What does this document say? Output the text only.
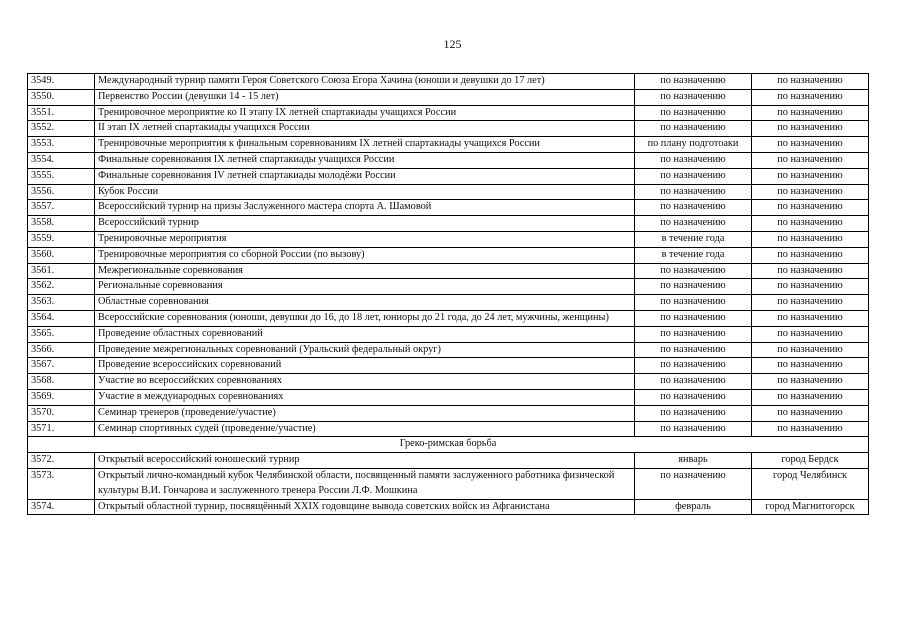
125
3549.	Международный турнир памяти Героя Советского Союза Егора Хачина (юноши и девушки до 17 лет)	по назначению	по назначению
3550.	Первенство России (девушки 14 - 15 лет)	по назначению	по назначению
3551.	Тренировочное мероприятие ко II этапу IX летней спартакиады учащихся России	по назначению	по назначению
3552.	II этап IX летней спартакиады учащихся России	по назначению	по назначению
3553.	Тренировочные мероприятия к финальным соревнованиям IX летней спартакиады учащихся России	по плану подготоаки	по назначению
3554.	Финальные соревнования IX летней спартакиады учащихся России	по назначению	по назначению
3555.	Финальные соревнования IV летней спартакиады молодёжи России	по назначению	по назначению
3556.	Кубок России	по назначению	по назначению
3557.	Всероссийский турнир на призы Заслуженного мастера спорта А. Шамовой	по назначению	по назначению
3558.	Всероссийский турнир	по назначению	по назначению
3559.	Тренировочные мероприятия	в течение года	по назначению
3560.	Тренировочные мероприятия со сборной России (по вызову)	в течение года	по назначению
3561.	Межрегиональные соревнования	по назначению	по назначению
3562.	Региональные соревнования	по назначению	по назначению
3563.	Областные соревнования	по назначению	по назначению
3564.	Всероссийские соревнования (юноши, девушки до 16, до 18 лет, юниоры до 21 года, до 24 лет, мужчины, женщины)	по назначению	по назначению
3565.	Проведение областных соревнований	по назначению	по назначению
3566.	Проведение межрегиональных соревнований (Уральский федеральный округ)	по назначению	по назначению
3567.	Проведение всероссийских соревнований	по назначению	по назначению
3568.	Участие во всероссийских соревнованиях	по назначению	по назначению
3569.	Участие в международных соревнованиях	по назначению	по назначению
3570.	Семинар тренеров (проведение/участие)	по назначению	по назначению
3571.	Семинар спортивных судей (проведение/участие)	по назначению	по назначению
Греко-римская борьба			
3572.	Открытый всероссийский юношеский турнир	январь	город Бердск
3573.	Открытый лично-командный кубок Челябинской области, посвященный памяти заслуженного работника физической культуры В.И. Гончарова и заслуженного тренера России Л.Ф. Мошкина	по назначению	город Челябинск
3574.	Открытый областной турнир, посвящённый XXIX годовщине вывода советских войск из Афганистана	февраль	город Магнитогорск
